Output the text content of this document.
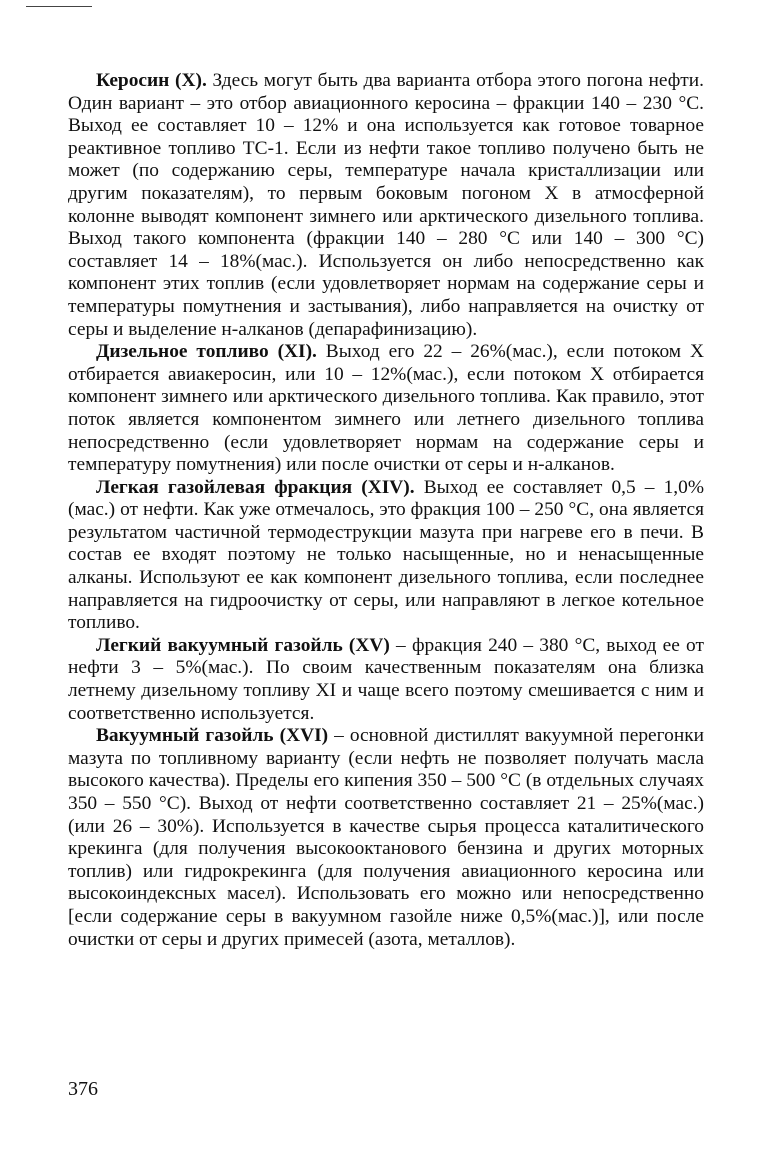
Керосин (X). Здесь могут быть два варианта отбора этого погона нефти. Один вариант – это отбор авиационного керосина – фракции 140 – 230 °С. Выход ее составляет 10 – 12% и она используется как готовое товарное реактивное топливо ТС-1. Если из нефти такое топливо получено быть не может (по содержанию серы, температуре начала кристаллизации или другим показателям), то первым боковым погоном X в атмосферной колонне выводят компонент зимнего или арктического дизельного топлива. Выход такого компонента (фракции 140 – 280 °С или 140 – 300 °С) составляет 14 – 18%(мас.). Используется он либо непосредственно как компонент этих топлив (если удовлетворяет нормам на содержание серы и температуры помутнения и застывания), либо направляется на очистку от серы и выделение н-алканов (депарафинизацию).

Дизельное топливо (XI). Выход его 22 – 26%(мас.), если потоком X отбирается авиакеросин, или 10 – 12%(мас.), если потоком X отбирается компонент зимнего или арктического дизельного топлива. Как правило, этот поток является компонентом зимнего или летнего дизельного топлива непосредственно (если удовлетворяет нормам на содержание серы и температуру помутнения) или после очистки от серы и н-алканов.

Легкая газойлевая фракция (XIV). Выход ее составляет 0,5 – 1,0%(мас.) от нефти. Как уже отмечалось, это фракция 100 – 250 °С, она является результатом частичной термодеструкции мазута при нагреве его в печи. В состав ее входят поэтому не только насыщенные, но и ненасыщенные алканы. Используют ее как компонент дизельного топлива, если последнее направляется на гидроочистку от серы, или направляют в легкое котельное топливо.

Легкий вакуумный газойль (XV) – фракция 240 – 380 °С, выход ее от нефти 3 – 5%(мас.). По своим качественным показателям она близка летнему дизельному топливу XI и чаще всего поэтому смешивается с ним и соответственно используется.

Вакуумный газойль (XVI) – основной дистиллят вакуумной перегонки мазута по топливному варианту (если нефть не позволяет получать масла высокого качества). Пределы его кипения 350 – 500 °С (в отдельных случаях 350 – 550 °С). Выход от нефти соответственно составляет 21 – 25%(мас.) (или 26 – 30%). Используется в качестве сырья процесса каталитического крекинга (для получения высокооктанового бензина и других моторных топлив) или гидрокрекинга (для получения авиационного керосина или высокоиндексных масел). Использовать его можно или непосредственно [если содержание серы в вакуумном газойле ниже 0,5%(мас.)], или после очистки от серы и других примесей (азота, металлов).

376
